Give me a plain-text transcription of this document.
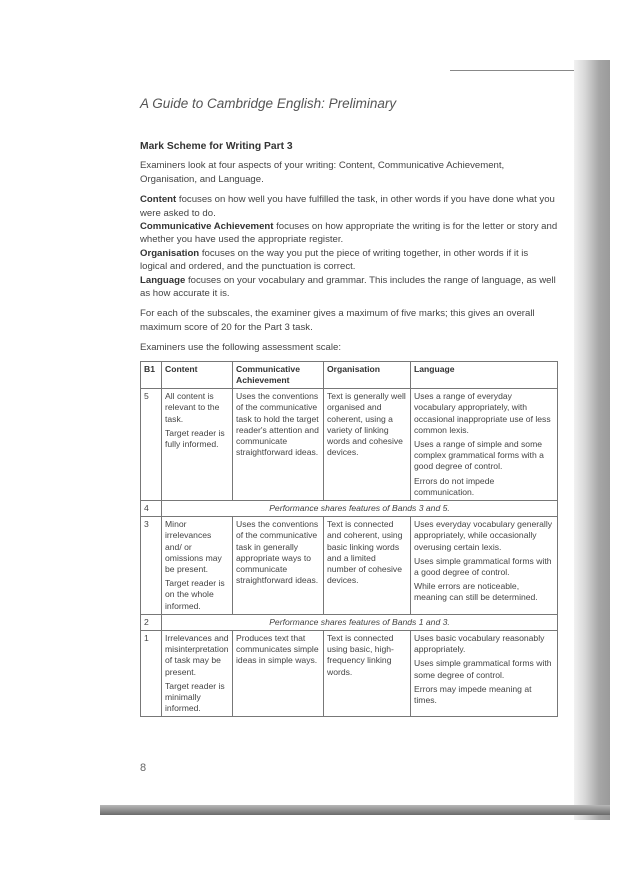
A Guide to Cambridge English: Preliminary
Mark Scheme for Writing Part 3

Examiners look at four aspects of your writing: Content, Communicative Achievement, Organisation, and Language.

Content focuses on how well you have fulfilled the task, in other words if you have done what you were asked to do.

Communicative Achievement focuses on how appropriate the writing is for the letter or story and whether you have used the appropriate register.

Organisation focuses on the way you put the piece of writing together, in other words if it is logical and ordered, and the punctuation is correct.

Language focuses on your vocabulary and grammar. This includes the range of language, as well as how accurate it is.

For each of the subscales, the examiner gives a maximum of five marks; this gives an overall maximum score of 20 for the Part 3 task.

Examiners use the following assessment scale:

B1	Content	Communicative Achievement	Organisation	Language
5	All content is relevant to the task.
Target reader is fully informed.	Uses the conventions of the communicative task to hold the target reader's attention and communicate straightforward ideas.	Text is generally well organised and coherent, using a variety of linking words and cohesive devices.	Uses a range of everyday vocabulary appropriately, with occasional inappropriate use of less common lexis.
Uses a range of simple and some complex grammatical forms with a good degree of control.
Errors do not impede communication.

4	Performance shares features of Bands 3 and 5.			
3	Minor irrelevances and/ or omissions may be present.
Target reader is on the whole informed.	Uses the conventions of the communicative task in generally appropriate ways to communicate straightforward ideas.	Text is connected and coherent, using basic linking words and a limited number of cohesive devices.	Uses everyday vocabulary generally appropriately, while occasionally overusing certain lexis.
Uses simple grammatical forms with a good degree of control.
While errors are noticeable, meaning can still be determined.

2	Performance shares features of Bands 1 and 3.			
1	Irrelevances and misinterpretation of task may be present.
Target reader is minimally informed.	Produces text that communicates simple ideas in simple ways.	Text is connected using basic, high-frequency linking words.	Uses basic vocabulary reasonably appropriately.
Uses simple grammatical forms with some degree of control.
Errors may impede meaning at times.
8
